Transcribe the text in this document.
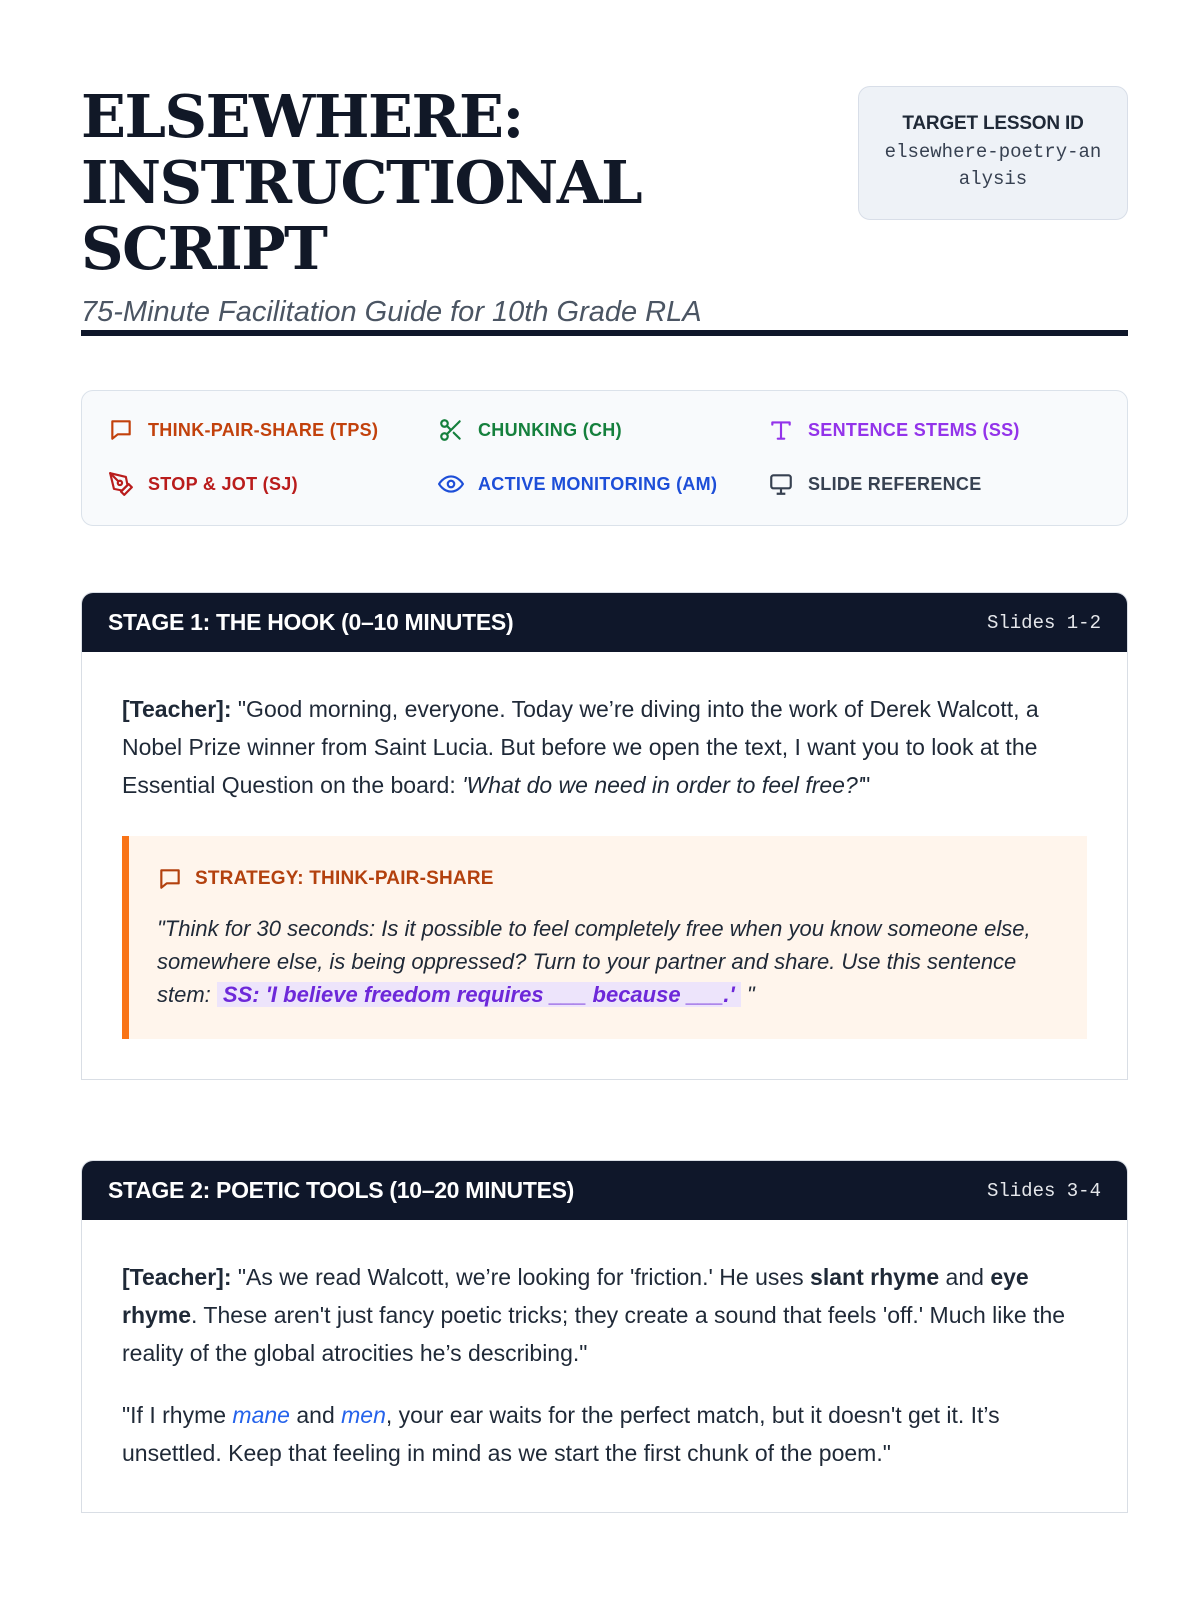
ELSEWHERE: INSTRUCTIONAL SCRIPT
75-Minute Facilitation Guide for 10th Grade RLA
TARGET LESSON ID
elsewhere-poetry-analysis
THINK-PAIR-SHARE (TPS)	CHUNKING (CH)	SENTENCE STEMS (SS)
STOP & JOT (SJ)	ACTIVE MONITORING (AM)	SLIDE REFERENCE
STAGE 1: THE HOOK (0–10 MINUTES)	Slides 1-2

[Teacher]: "Good morning, everyone. Today we’re diving into the work of Derek Walcott, a Nobel Prize winner from Saint Lucia. But before we open the text, I want you to look at the Essential Question on the board: 'What do we need in order to feel free?'"

STRATEGY: THINK-PAIR-SHARE
"Think for 30 seconds: Is it possible to feel completely free when you know someone else, somewhere else, is being oppressed? Turn to your partner and share. Use this sentence stem: SS: 'I believe freedom requires ___ because ___.' "
STAGE 2: POETIC TOOLS (10–20 MINUTES)	Slides 3-4

[Teacher]: "As we read Walcott, we’re looking for 'friction.' He uses slant rhyme and eye rhyme. These aren't just fancy poetic tricks; they create a sound that feels 'off.' Much like the reality of the global atrocities he’s describing."

"If I rhyme mane and men, your ear waits for the perfect match, but it doesn't get it. It’s unsettled. Keep that feeling in mind as we start the first chunk of the poem."
